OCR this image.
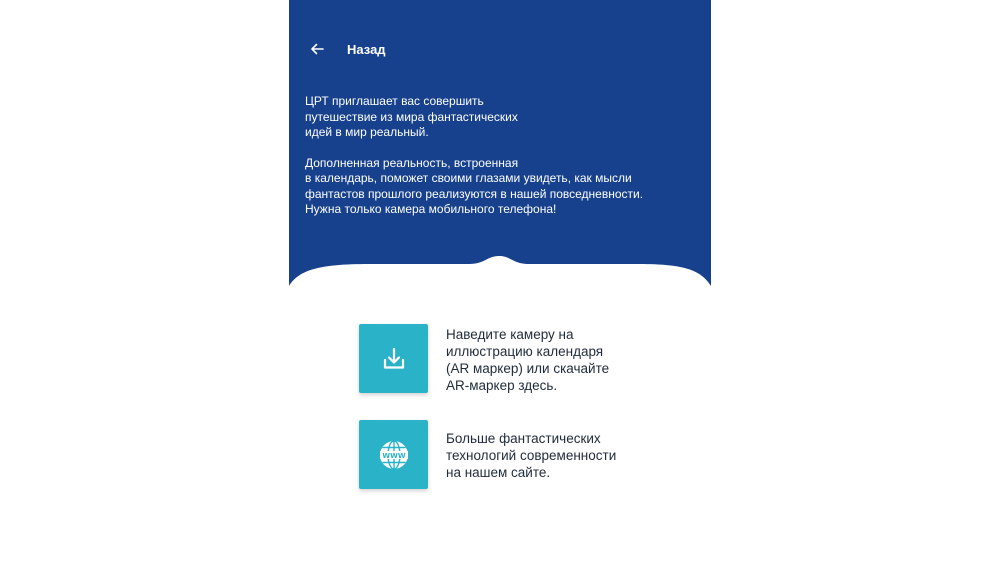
Назад

ЦРТ приглашает вас совершить
путешествие из мира фантастических
идей в мир реальный.

Дополненная реальность, встроенная
в календарь, поможет своими глазами увидеть, как мысли
фантастов прошлого реализуются в нашей повседневности.
Нужна только камера мобильного телефона!

Наведите камеру на
иллюстрацию календаря
(AR маркер) или скачайте
AR-маркер здесь.
WWW
Больше фантастических
технологий современности
на нашем сайте.
